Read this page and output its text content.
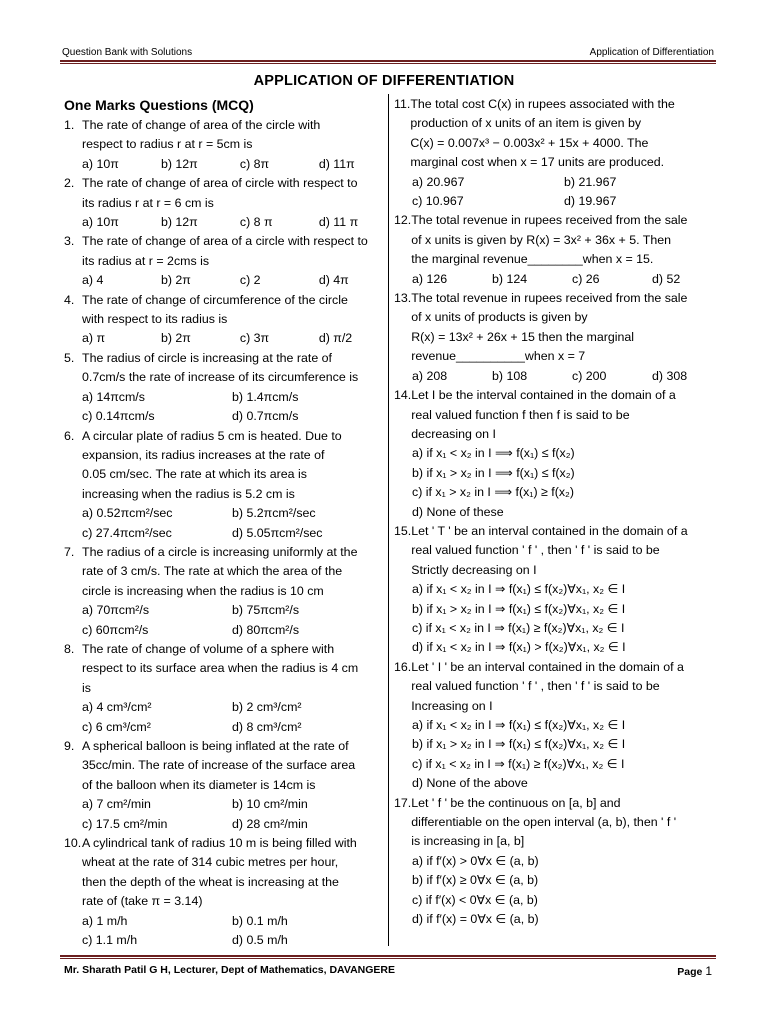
Question Bank with Solutions	Application of Differentiation
APPLICATION OF DIFFERENTIATION
One Marks Questions (MCQ)
1. The rate of change of area of the circle with
respect to radius r at r = 5cm is
a) 10π	b) 12π	c) 8π	d) 11π
2. The rate of change of area of circle with respect to
its radius r at r = 6 cm is
a) 10π	b) 12π	c) 8 π	d) 11 π
3. The rate of change of area of a circle with respect to
its radius at r = 2cms is
a) 4	b) 2π	c) 2	d) 4π
4. The rate of change of circumference of the circle
with respect to its radius is
a) π	b) 2π	c) 3π	d) π/2
5. The radius of circle is increasing at the rate of
0.7cm/s the rate of increase of its circumference is
a) 14πcm/s	b) 1.4πcm/s
c) 0.14πcm/s	d) 0.7πcm/s
6. A circular plate of radius 5 cm is heated. Due to
expansion, its radius increases at the rate of
0.05 cm/sec. The rate at which its area is
increasing when the radius is 5.2 cm is
a) 0.52πcm²/sec	b) 5.2πcm²/sec
c) 27.4πcm²/sec	d) 5.05πcm²/sec
7. The radius of a circle is increasing uniformly at the
rate of 3 cm/s. The rate at which the area of the
circle is increasing when the radius is 10 cm
a) 70πcm²/s	b) 75πcm²/s
c) 60πcm²/s	d) 80πcm²/s
8. The rate of change of volume of a sphere with
respect to its surface area when the radius is 4 cm
is
a) 4 cm³/cm²	b) 2 cm³/cm²
c) 6 cm³/cm²	d) 8 cm³/cm²
9. A spherical balloon is being inflated at the rate of
35cc/min. The rate of increase of the surface area
of the balloon when its diameter is 14cm is
a) 7 cm²/min	b) 10 cm²/min
c) 17.5 cm²/min	d) 28 cm²/min
10. A cylindrical tank of radius 10 m is being filled with
wheat at the rate of 314 cubic metres per hour,
then the depth of the wheat is increasing at the
rate of (take π = 3.14)
a) 1 m/h	b) 0.1 m/h
c) 1.1 m/h	d) 0.5 m/h
11. The total cost C(x) in rupees associated with the
production of x units of an item is given by
C(x) = 0.007x³ − 0.003x² + 15x + 4000. The
marginal cost when x = 17 units are produced.
a) 20.967	b) 21.967
c) 10.967	d) 19.967
12. The total revenue in rupees received from the sale
of x units is given by R(x) = 3x² + 36x + 5. Then
the marginal revenue________when x = 15.
a) 126	b) 124	c) 26	d) 52
13. The total revenue in rupees received from the sale
of x units of products is given by
R(x) = 13x² + 26x + 15 then the marginal
revenue__________when x = 7
a) 208	b) 108	c) 200	d) 308
14. Let I be the interval contained in the domain of a
real valued function f then f is said to be
decreasing on I
a) if x₁ < x₂ in I ⟹ f(x₁) ≤ f(x₂)
b) if x₁ > x₂ in I ⟹ f(x₁) ≤ f(x₂)
c) if x₁ > x₂ in I ⟹ f(x₁) ≥ f(x₂)
d) None of these
15. Let ' T ' be an interval contained in the domain of a
real valued function ' f ' , then ' f ' is said to be
Strictly decreasing on I
a) if x₁ < x₂ in I ⇒ f(x₁) ≤ f(x₂)∀x₁, x₂ ∈ I
b) if x₁ > x₂ in I ⇒ f(x₁) ≤ f(x₂)∀x₁, x₂ ∈ I
c) if x₁ < x₂ in I ⇒ f(x₁) ≥ f(x₂)∀x₁, x₂ ∈ I
d) if x₁ < x₂ in I ⇒ f(x₁) > f(x₂)∀x₁, x₂ ∈ I
16. Let ' I ' be an interval contained in the domain of a
real valued function ' f ' , then ' f ' is said to be
Increasing on I
a) if x₁ < x₂ in I ⇒ f(x₁) ≤ f(x₂)∀x₁, x₂ ∈ I
b) if x₁ > x₂ in I ⇒ f(x₁) ≤ f(x₂)∀x₁, x₂ ∈ I
c) if x₁ < x₂ in I ⇒ f(x₁) ≥ f(x₂)∀x₁, x₂ ∈ I
d) None of the above
17. Let ' f ' be the continuous on [a, b] and
differentiable on the open interval (a, b), then ' f '
is increasing in [a, b]
a) if f′(x) > 0∀x ∈ (a, b)
b) if f′(x) ≥ 0∀x ∈ (a, b)
c) if f′(x) < 0∀x ∈ (a, b)
d) if f′(x) = 0∀x ∈ (a, b)
Mr. Sharath Patil G H, Lecturer, Dept of Mathematics, DAVANGERE	Page 1
